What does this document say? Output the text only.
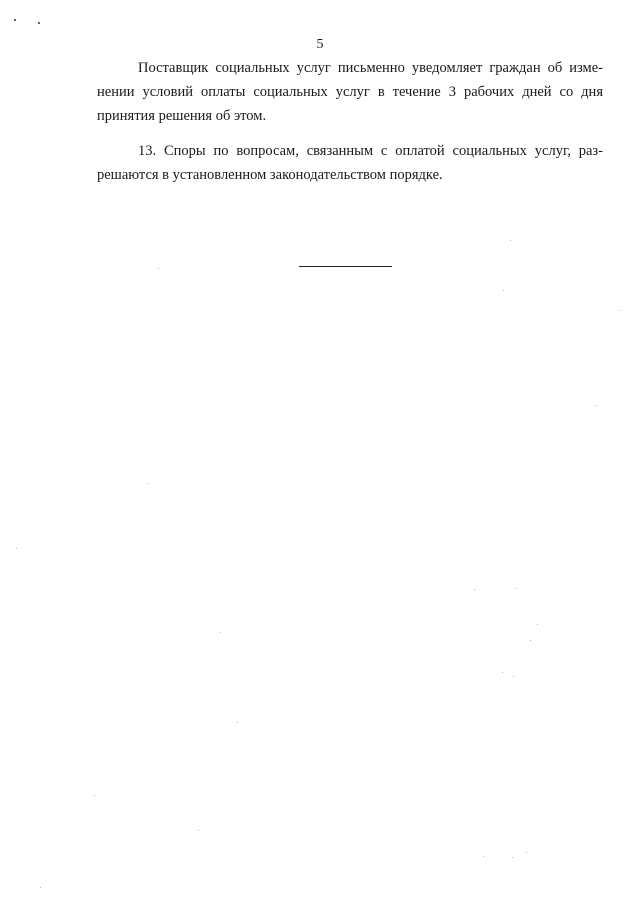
5

Поставщик социальных услуг письменно уведомляет граждан об изме-
нении условий оплаты социальных услуг в течение 3 рабочих дней со дня
принятия решения об этом.

13. Споры по вопросам, связанным с оплатой социальных услуг, раз-
решаются в установленном законодательством порядке.
